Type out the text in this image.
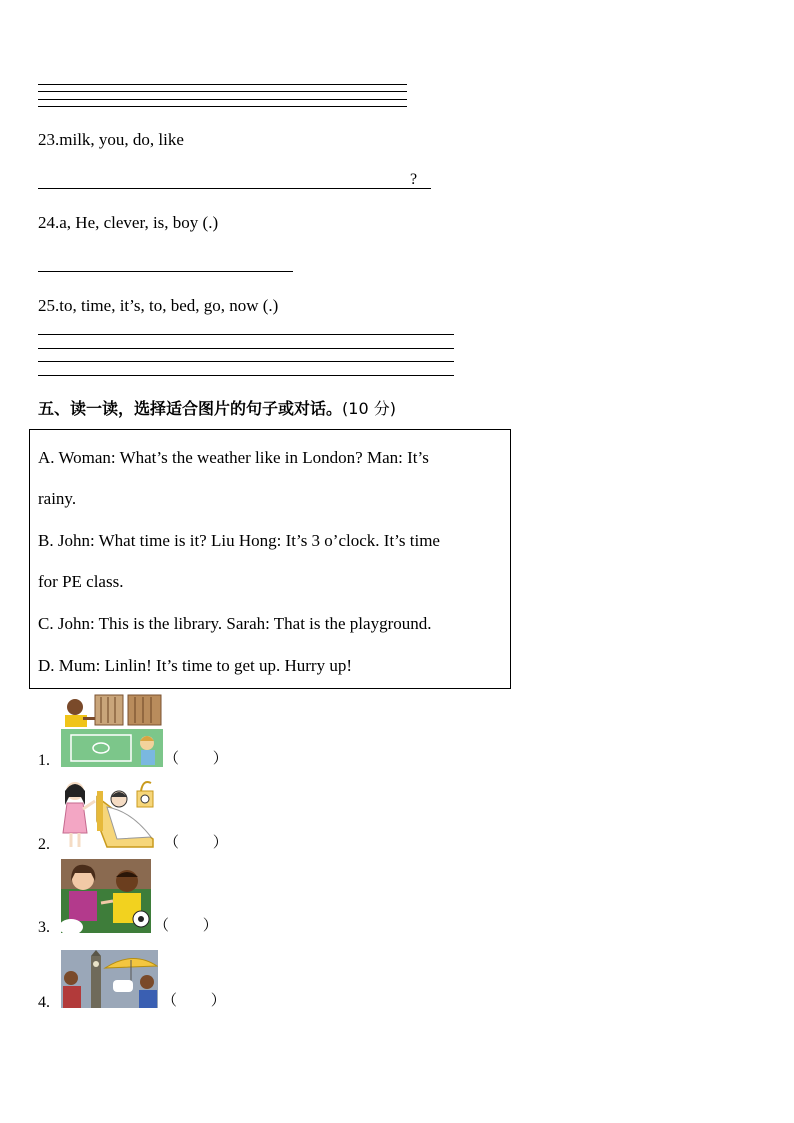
23.milk, you, do, like
?
24.a, He, clever, is, boy (.)
25.to, time, it’s, to, bed, go, now (.)
五、读一读，选择适合图片的句子或对话。(10 分)
A. Woman: What’s the weather like in London? Man: It’s
rainy.
B. John: What time is it? Liu Hong: It’s 3 o’clock. It’s time
for PE class.
C. John: This is the library. Sarah: That is the playground.
D. Mum: Linlin! It’s time to get up. Hurry up!
1.	（         ）
2.	（         ）
3.	（         ）
4.	（         ）
